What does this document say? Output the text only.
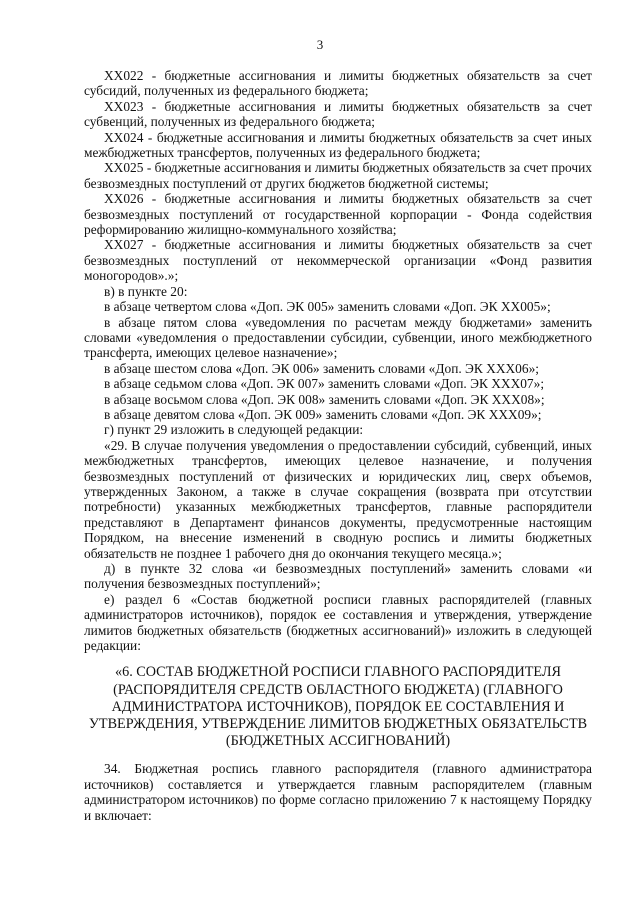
3

XX022 - бюджетные ассигнования и лимиты бюджетных обязательств за счет субсидий, полученных из федерального бюджета;

XX023 - бюджетные ассигнования и лимиты бюджетных обязательств за счет субвенций, полученных из федерального бюджета;

XX024 - бюджетные ассигнования и лимиты бюджетных обязательств за счет иных межбюджетных трансфертов, полученных из федерального бюджета;

XX025 - бюджетные ассигнования и лимиты бюджетных обязательств за счет прочих безвозмездных поступлений от других бюджетов бюджетной системы;

XX026 - бюджетные ассигнования и лимиты бюджетных обязательств за счет безвозмездных поступлений от государственной корпорации - Фонда содействия реформированию жилищно-коммунального хозяйства;

XX027 - бюджетные ассигнования и лимиты бюджетных обязательств за счет безвозмездных поступлений от некоммерческой организации «Фонд развития моногородов».»;

в) в пункте 20:

в абзаце четвертом слова «Доп. ЭК 005» заменить словами «Доп. ЭК XX005»;

в абзаце пятом слова «уведомления по расчетам между бюджетами» заменить словами «уведомления о предоставлении субсидии, субвенции, иного межбюджетного трансферта, имеющих целевое назначение»;

в абзаце шестом слова «Доп. ЭК 006» заменить словами «Доп. ЭК XXX06»;

в абзаце седьмом слова «Доп. ЭК 007» заменить словами «Доп. ЭК XXX07»;

в абзаце восьмом слова «Доп. ЭК 008» заменить словами «Доп. ЭК XXX08»;

в абзаце девятом слова «Доп. ЭК 009» заменить словами «Доп. ЭК XXX09»;

г) пункт 29 изложить в следующей редакции:

«29. В случае получения уведомления о предоставлении субсидий, субвенций, иных межбюджетных трансфертов, имеющих целевое назначение, и получения безвозмездных поступлений от физических и юридических лиц, сверх объемов, утвержденных Законом, а также в случае сокращения (возврата при отсутствии потребности) указанных межбюджетных трансфертов, главные распорядители представляют в Департамент финансов документы, предусмотренные настоящим Порядком, на внесение изменений в сводную роспись и лимиты бюджетных обязательств не позднее 1 рабочего дня до окончания текущего месяца.»;

д) в пункте 32 слова «и безвозмездных поступлений» заменить словами «и получения безвозмездных поступлений»;

е) раздел 6 «Состав бюджетной росписи главных распорядителей (главных администраторов источников), порядок ее составления и утверждения, утверждение лимитов бюджетных обязательств (бюджетных ассигнований)» изложить в следующей редакции:

«6. СОСТАВ БЮДЖЕТНОЙ РОСПИСИ ГЛАВНОГО РАСПОРЯДИТЕЛЯ (РАСПОРЯДИТЕЛЯ СРЕДСТВ ОБЛАСТНОГО БЮДЖЕТА) (ГЛАВНОГО АДМИНИСТРАТОРА ИСТОЧНИКОВ), ПОРЯДОК ЕЕ СОСТАВЛЕНИЯ И УТВЕРЖДЕНИЯ, УТВЕРЖДЕНИЕ ЛИМИТОВ БЮДЖЕТНЫХ ОБЯЗАТЕЛЬСТВ (БЮДЖЕТНЫХ АССИГНОВАНИЙ)

34. Бюджетная роспись главного распорядителя (главного администратора источников) составляется и утверждается главным распорядителем (главным администратором источников) по форме согласно приложению 7 к настоящему Порядку и включает:
